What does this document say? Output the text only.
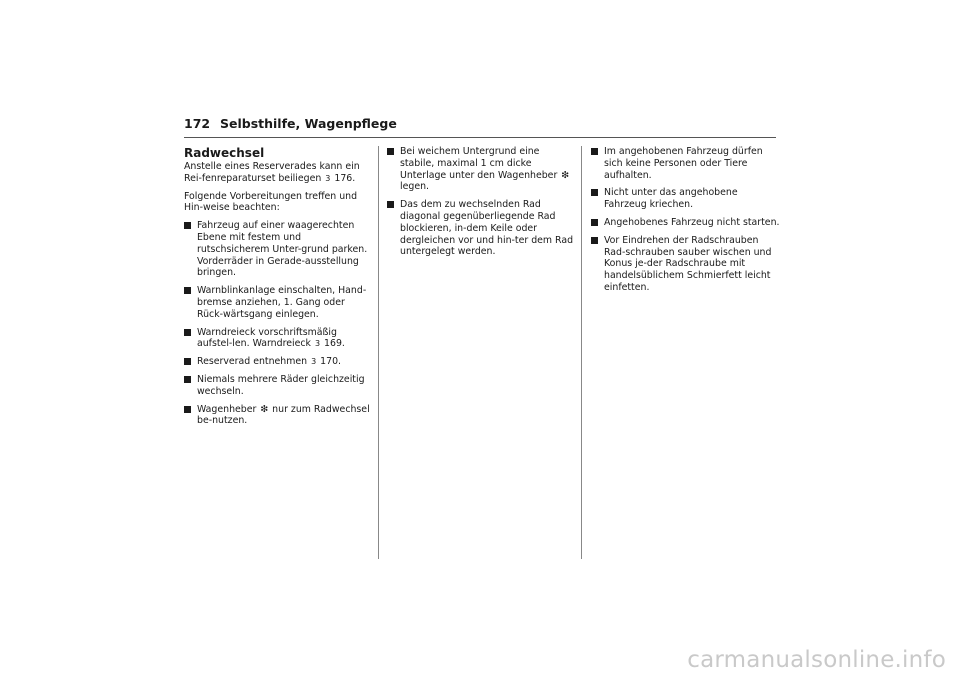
172 Selbsthilfe, Wagenpflege
Radwechsel

Anstelle eines Reserverades kann ein Rei-fenreparaturset beiliegen 3 176.

Folgende Vorbereitungen treffen und Hin-weise beachten:

Fahrzeug auf einer waagerechten Ebene mit festem und rutschsicherem Unter-grund parken. Vorderräder in Gerade-ausstellung bringen.
Warnblinkanlage einschalten, Hand-bremse anziehen, 1. Gang oder Rück-wärtsgang einlegen.
Warndreieck vorschriftsmäßig aufstel-len. Warndreieck 3 169.
Reserverad entnehmen 3 170.
Niemals mehrere Räder gleichzeitig wechseln.
Wagenheber ❇ nur zum Radwechsel be-nutzen.
Bei weichem Untergrund eine stabile, maximal 1 cm dicke Unterlage unter den Wagenheber ❇ legen.
Das dem zu wechselnden Rad diagonal gegenüberliegende Rad blockieren, in-dem Keile oder dergleichen vor und hin-ter dem Rad untergelegt werden.
Im angehobenen Fahrzeug dürfen sich keine Personen oder Tiere aufhalten.
Nicht unter das angehobene Fahrzeug kriechen.
Angehobenes Fahrzeug nicht starten.
Vor Eindrehen der Radschrauben Rad-schrauben sauber wischen und Konus je-der Radschraube mit handelsüblichem Schmierfett leicht einfetten.
carmanualsonline.info
